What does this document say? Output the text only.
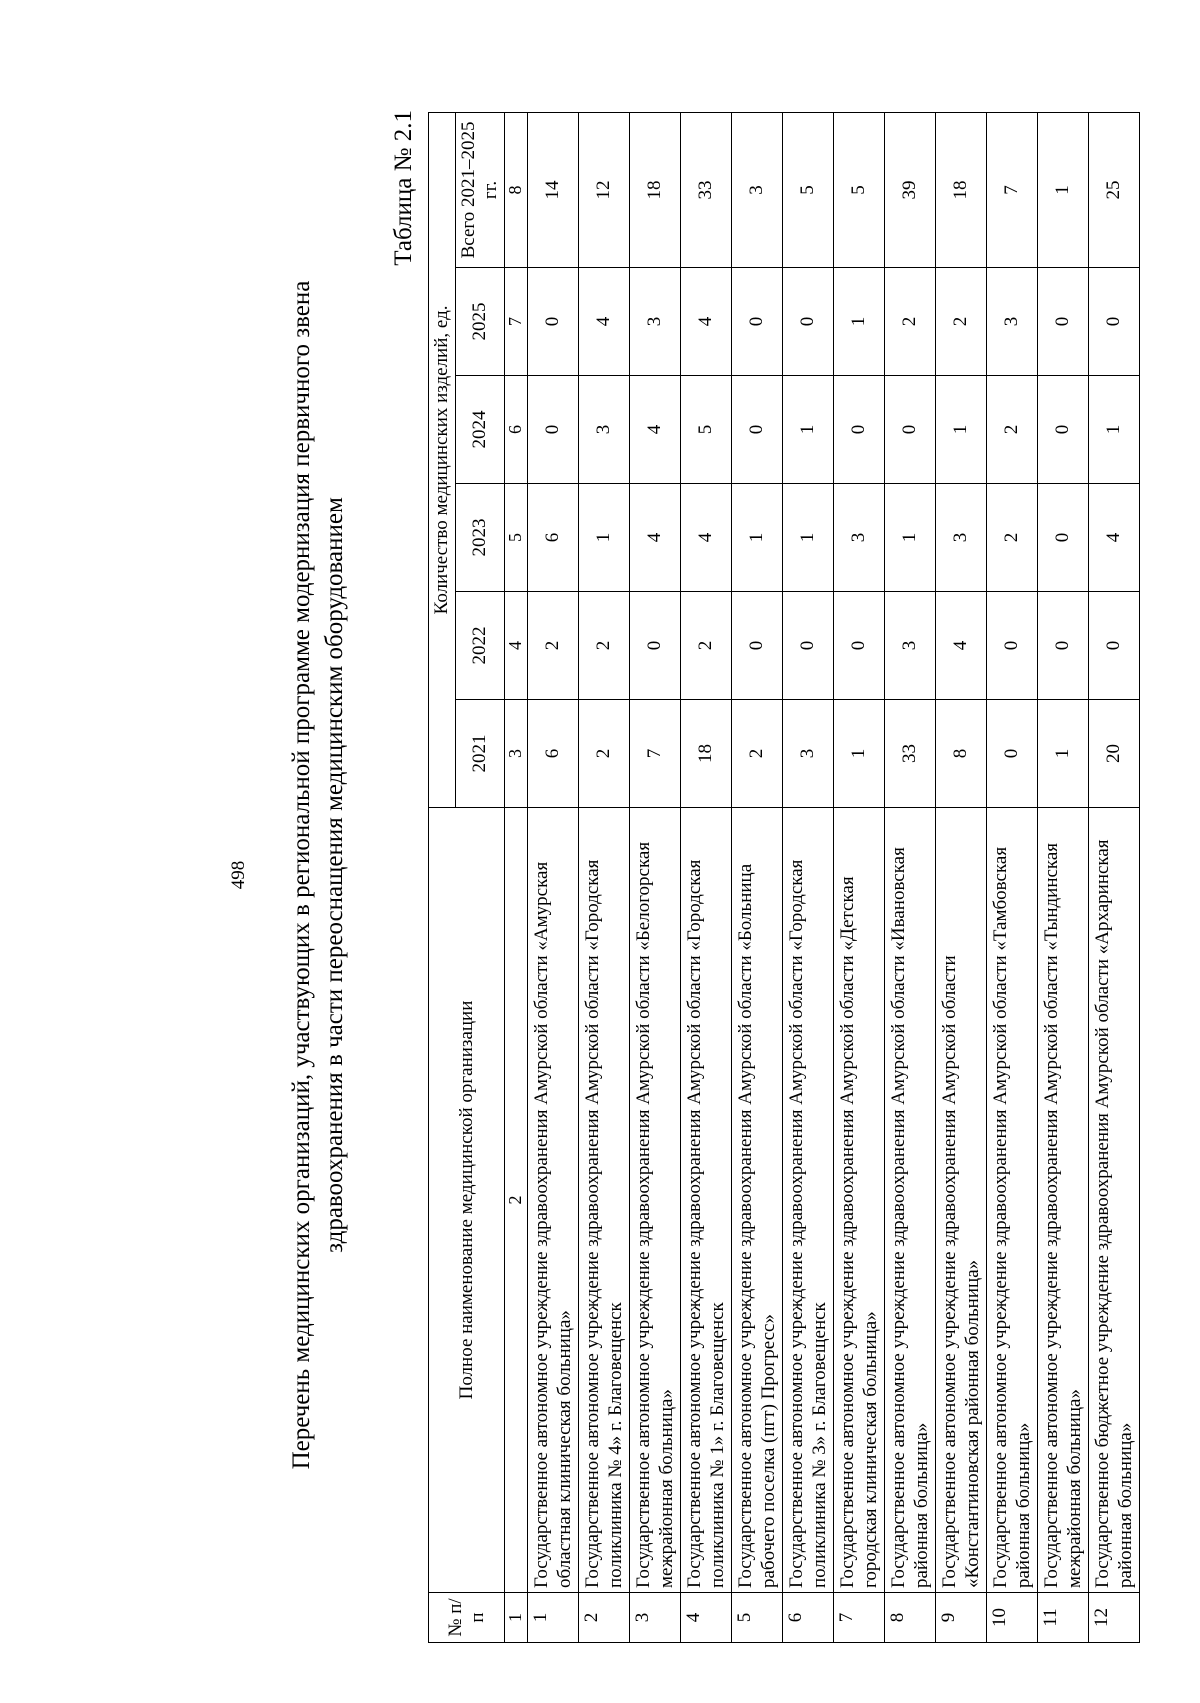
498 Перечень медицинских организаций, участвующих в региональной программе модернизация первичного звена здравоохранения в части переоснащения медицинским оборудованием
Таблица № 2.1
№ п/п	Полное наименование медицинской организации	Количество медицинских изделий, ед.					
		2021	2022	2023	2024	2025	Всего 2021–2025 гг.
1	2	3	4	5	6	7	8
1	Государственное автономное учреждение здравоохранения Амурской области «Амурская областная клиническая больница»	6	2	6	0	0	14
2	Государственное автономное учреждение здравоохранения Амурской области «Городская поликлиника № 4» г. Благовещенск	2	2	1	3	4	12
3	Государственное автономное учреждение здравоохранения Амурской области «Белогорская межрайонная больница»	7	0	4	4	3	18
4	Государственное автономное учреждение здравоохранения Амурской области «Городская поликлиника № 1» г. Благовещенск	18	2	4	5	4	33
5	Государственное автономное учреждение здравоохранения Амурской области «Больница рабочего поселка (пгт) Прогресс»	2	0	1	0	0	3
6	Государственное автономное учреждение здравоохранения Амурской области «Городская поликлиника № 3» г. Благовещенск	3	0	1	1	0	5
7	Государственное автономное учреждение здравоохранения Амурской области «Детская городская клиническая больница»	1	0	3	0	1	5
8	Государственное автономное учреждение здравоохранения Амурской области «Ивановская районная больница»	33	3	1	0	2	39
9	Государственное автономное учреждение здравоохранения Амурской области «Константиновская районная больница»	8	4	3	1	2	18
10	Государственное автономное учреждение здравоохранения Амурской области «Тамбовская районная больница»	0	0	2	2	3	7
11	Государственное автономное учреждение здравоохранения Амурской области «Тындинская межрайонная больница»	1	0	0	0	0	1
12	Государственное бюджетное учреждение здравоохранения Амурской области «Архаринская районная больница»	20	0	4	1	0	25
